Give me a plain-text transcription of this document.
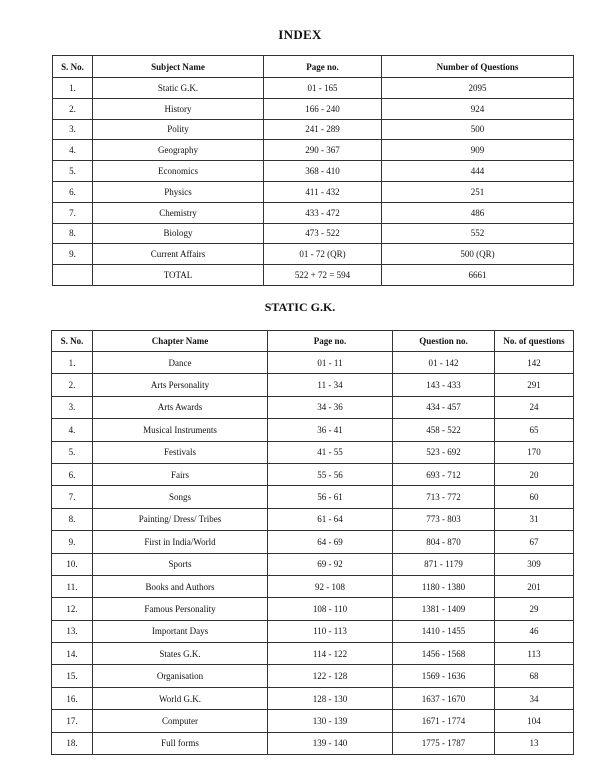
INDEX
S. No.	Subject Name	Page no.	Number of Questions
1.	Static G.K.	01 - 165	2095
2.	History	166 - 240	924
3.	Polity	241 - 289	500
4.	Geography	290 - 367	909
5.	Economics	368 - 410	444
6.	Physics	411 - 432	251
7.	Chemistry	433 - 472	486
8.	Biology	473 - 522	552
9.	Current Affairs	01 - 72 (QR)	500 (QR)
	TOTAL	522 + 72 = 594	6661
STATIC G.K.
S. No.	Chapter Name	Page no.	Question no.	No. of questions
1.	Dance	01 - 11	01 - 142	142
2.	Arts Personality	11 - 34	143 - 433	291
3.	Arts Awards	34 - 36	434 - 457	24
4.	Musical Instruments	36 - 41	458 - 522	65
5.	Festivals	41 - 55	523 - 692	170
6.	Fairs	55 - 56	693 - 712	20
7.	Songs	56 - 61	713 - 772	60
8.	Painting/ Dress/ Tribes	61 - 64	773 - 803	31
9.	First in India/World	64 - 69	804 - 870	67
10.	Sports	69 - 92	871 - 1179	309
11.	Books and Authors	92 - 108	1180 - 1380	201
12.	Famous Personality	108 - 110	1381 - 1409	29
13.	Important Days	110 - 113	1410 - 1455	46
14.	States G.K.	114 - 122	1456 - 1568	113
15.	Organisation	122 - 128	1569 - 1636	68
16.	World G.K.	128 - 130	1637 - 1670	34
17.	Computer	130 - 139	1671 - 1774	104
18.	Full forms	139 - 140	1775 - 1787	13
